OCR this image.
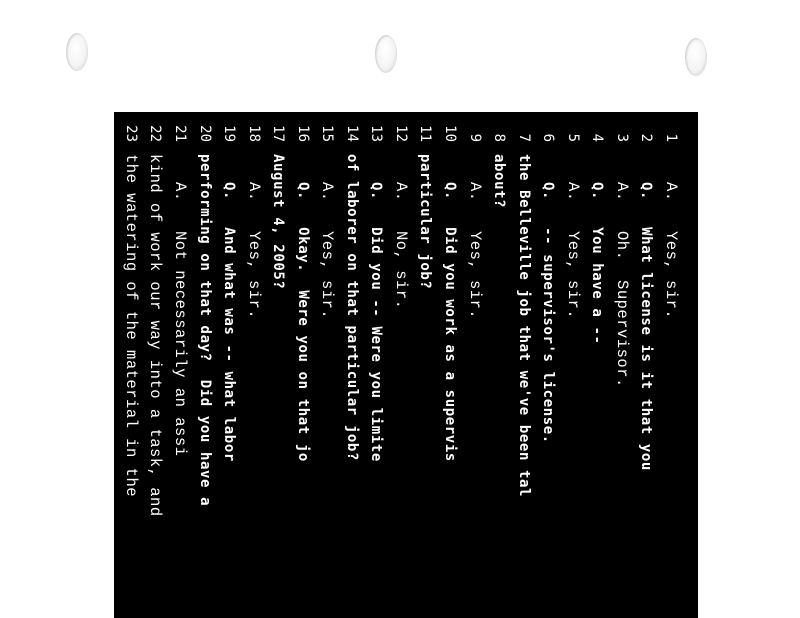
1
A.   Yes, sir.
2
Q.   What license is it that you
3
A.   Oh.  Supervisor.
4
Q.   You have a --
5
A.   Yes, sir.
6
Q.   -- supervisor's license.
7
the Belleville job that we've been tal
8
about?
9
A.   Yes, sir.
10
Q.   Did you work as a supervis
11
particular job?
12
A.   No, sir.
13
Q.   Did you -- Were you limite
14
of laborer on that particular job?
15
A.   Yes, sir.
16
Q.   Okay.  Were you on that jo
17
August 4, 2005?
18
A.   Yes, sir.
19
Q.   And what was -- what labor
20
performing on that day?  Did you have a
21
A.   Not necessarily an assi
22
kind of work our way into a task, and
23
the watering of the material in the
24
Q.   Okay.  Now, there's been k
